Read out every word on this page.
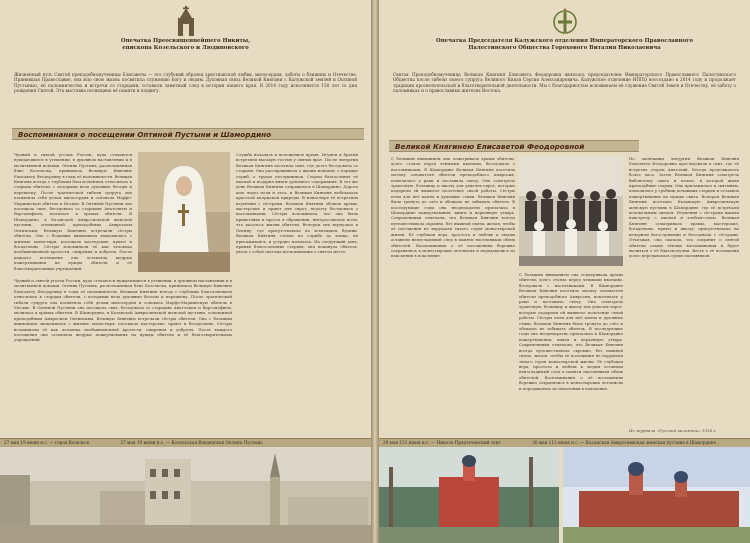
Опечатка Преосвященнейшего Никиты,
епископа Козельского и Людиновского
Жизненный путь Святой преподобномученицы Елисаветы — это глубокий образец христианской любви, милосердия, заботы о ближних и Отечестве. Принявшая Православие, она всю свою жизнь посвятила служению Богу и людям. Духовная связь Великой Княгини с Калужской землей и Оптиной Пустынью, её паломничества и встречи со старцами, оставили заметный след в истории нашего края. В 2014 году исполняется 150 лет со дня рождения Святой. Эта выставка посвящена её памяти и подвигу.
Воспоминания о посещении Оптиной Пустыни и Шамордино
Чудный и святой уголок России, куда стекаются нуждающиеся в утешении, в духовном наставлении и в молитвенной помощи. Оптина Пустынь, расположенная близ Козельска, принимала Великую Княгиню Елисавету Феодоровну в годы её паломничеств. Великая Княгиня всегда с глубоким благоговением относилась к старцам обители, с которыми вела духовные беседы и переписку. После трагической гибели супруга она посвятила себя делам милосердия и основала Марфо-Мариинскую обитель в Москве. В Оптиной Пустыни она посещала скит, беседовала со старцами Анатолием и Варсонофием, молилась в храмах обители. В Шамордино, в Казанской Амвросиевской женской пустыни, основанной преподобным Амвросием Оптинским, Великую Княгиню встречали сёстры обители. Она с большим вниманием знакомилась с жизнью монастыря, посещала мастерские, приют и богадельню. Сёстры вспоминали её как человека необыкновенной кротости, смирения и доброты. После каждого посещения она оставляла щедрые пожертвования на нужды обители и её благотворительных учреждений.
Служба началась в положенное время. Игумен и братия встретили высокую гостью у святых врат. После литургии Великая Княгиня посетила скит, где долго беседовала со старцем. Она расспрашивала о жизни монахов, о порядке служб, о трудах послушников. Старец благословил её иконой и подарил книги духовного содержания. В тот же день Великая Княгиня отправилась в Шамордино. Дорога шла через поля и леса, и Великая Княгиня любовалась красотой калужской природы. В монастыре её встретила игумения с сёстрами. Великая Княгиня обошла храмы, мастерские и приют для сирот, подолгу беседовала с насельницами. Сёстры вспоминали, что она была приветлива и проста в обращении, интересовалась всем, что касалось жизни обители. Вечером она вернулась в Оптину, где присутствовала на всенощном бдении. Великая Княгиня стояла на службе до конца, не присаживаясь, и усердно молилась. На следующий день, приняв благословение старцев, она покинула обитель, увозя с собой светлые воспоминания о святом месте.
Чудный и святой уголок России, куда стекаются нуждающиеся в утешении, в духовном наставлении и в молитвенной помощи. Оптина Пустынь, расположенная близ Козельска, принимала Великую Княгиню Елисавету Феодоровну в годы её паломничеств. Великая Княгиня всегда с глубоким благоговением относилась к старцам обители, с которыми вела духовные беседы и переписку. После трагической гибели супруга она посвятила себя делам милосердия и основала Марфо-Мариинскую обитель в Москве. В Оптиной Пустыни она посещала скит, беседовала со старцами Анатолием и Варсонофием, молилась в храмах обители. В Шамордино, в Казанской Амвросиевской женской пустыни, основанной преподобным Амвросием Оптинским, Великую Княгиню встречали сёстры обители. Она с большим вниманием знакомилась с жизнью монастыря, посещала мастерские, приют и богадельню. Сёстры вспоминали её как человека необыкновенной кротости, смирения и доброты. После каждого посещения она оставляла щедрые пожертвования на нужды обители и её благотворительных учреждений.
27 мая 19 июня н.с. — город Козельск	27 мая 19 июня н.с. — Козельская Введенская Оптина Пустынь
Опечатка Председателя Калужского отделения Императорского Православного
Палестинского Общества Горохового Виталия Николаевича
Святая Преподобномученица Великая Княгиня Елисавета Феодоровна являлась председателем Императорского Православного Палестинского Общества после гибели своего супруга Великого Князя Сергия Александровича. Калужское отделение ИППО воссоздано в 2014 году и продолжает традиции просветительской и благотворительной деятельности. Мы с благодарностью вспоминаем её служение Святой Земле и Отечеству, её заботу о паломниках и о православных жителях Востока.
Великой Княгинею Елисаветой Феодоровной
С большим вниманием она осматривала храмы обители, долго стояла перед чтимыми иконами, беседовала с насельниками. В Шамордине Великая Княгиня посетила могилу основателя обители преподобного Амвросия, помолилась у раки и поставила свечу. Она осмотрела трапезную, больницу и школу для девочек-сирот, которые подарили ей вышитое полотенце своей работы. Сёстры пели для неё канты и духовные стихи. Великая Княгиня была тронута до слёз и обещала не забывать обитель. В последующие годы она неоднократно присылала в Шамордино пожертвования, книги и церковную утварь. Современники отмечали, что Великая Княгиня всегда путешествовала скромно, без пышной свиты, желая, чтобы её посещения не нарушали тихого строя монастырской жизни. Её глубокая вера, простота и любовь к людям оставили неизгладимый след в памяти насельников обеих обителей. Воспоминания о её посещениях бережно сохранялись в монастырских летописях и передавались из поколения в поколение.
С большим вниманием она осматривала храмы обители, долго стояла перед чтимыми иконами, беседовала с насельниками. В Шамордине Великая Княгиня посетила могилу основателя обители преподобного Амвросия, помолилась у раки и поставила свечу. Она осмотрела трапезную, больницу и школу для девочек-сирот, которые подарили ей вышитое полотенце своей работы. Сёстры пели для неё канты и духовные стихи. Великая Княгиня была тронута до слёз и обещала не забывать обитель. В последующие годы она неоднократно присылала в Шамордино пожертвования, книги и церковную утварь. Современники отмечали, что Великая Княгиня всегда путешествовала скромно, без пышной свиты, желая, чтобы её посещения не нарушали тихого строя монастырской жизни. Её глубокая вера, простота и любовь к людям оставили неизгладимый след в памяти насельников обеих обителей. Воспоминания о её посещениях бережно сохранялись в монастырских летописях и передавались из поколения в поколение.
По окончании литургии Великая Княгиня Елисавета Феодоровна проследовала в скит, где её встретил старец Анатолий. Беседа продолжалась более часа. Затем Великая Княгиня осмотрела библиотеку скита и келью, в которой жили преподобные старцы. Она приложилась к святыням, помолилась у гробниц почивших старцев и оставила пожертвование на нужды скита. Вечером Великая Княгиня посетила Казанскую Амвросиевскую женскую пустынь в Шамордине, где её встречали колокольным звоном. Игумения с сёстрами вышли навстречу с иконой и хлебом-солью. Великая Княгиня осматривала храмы, мастерские, богадельню, приют и школу, присутствовала на вечернем богослужении и беседовала с сёстрами. Отъезжая, она сказала, что сохранит о святой обители самые тёплые воспоминания и будет молиться о её благополучии. Весть о её посещении долго передавалась среди паломников.
Из журнала «Русский паломник» 1914 г.
29 мая 131 июня н.с. — Николо-Предтеченский скит	30 мая 112 июня н.с. — Казанская Амвросиевская женская пустынь в Шамордино
